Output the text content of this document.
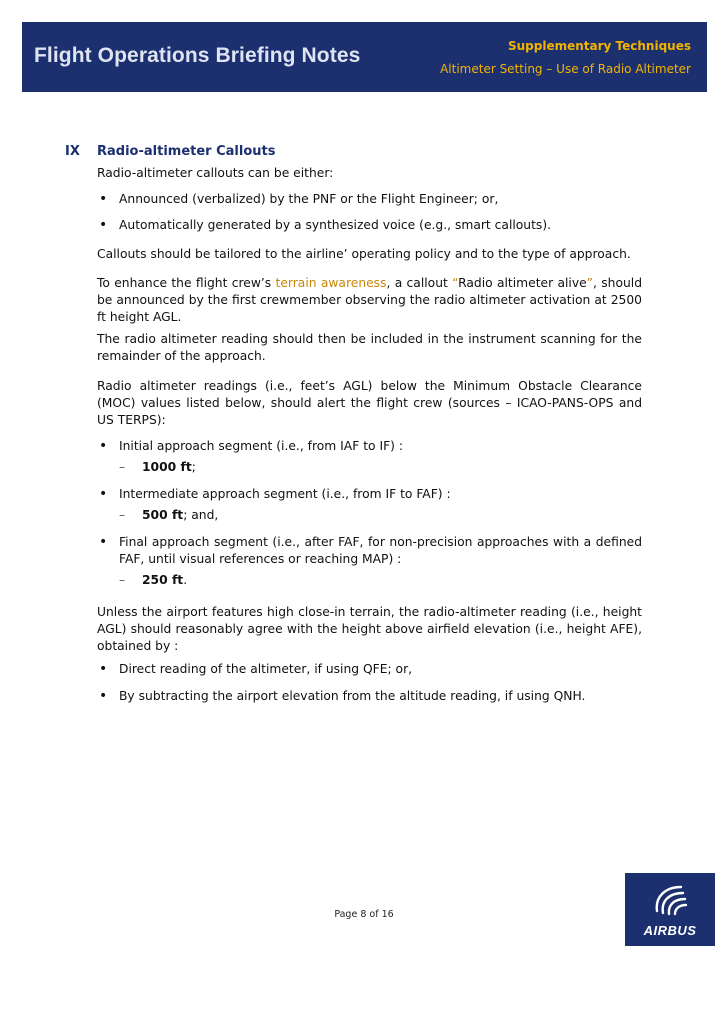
Flight Operations Briefing Notes	Supplementary Techniques
Altimeter Setting – Use of Radio Altimeter
IX Radio-altimeter Callouts

Radio-altimeter callouts can be either:

• Announced (verbalized) by the PNF or the Flight Engineer; or,
• Automatically generated by a synthesized voice (e.g., smart callouts).

Callouts should be tailored to the airline’ operating policy and to the type of approach.

To enhance the flight crew’s terrain awareness, a callout “Radio altimeter alive”, should be announced by the first crewmember observing the radio altimeter activation at 2500 ft height AGL.

The radio altimeter reading should then be included in the instrument scanning for the remainder of the approach.

Radio altimeter readings (i.e., feet’s AGL) below the Minimum Obstacle Clearance (MOC) values listed below, should alert the flight crew (sources – ICAO-PANS-OPS and US TERPS):

• Initial approach segment (i.e., from IAF to IF) :
– 1000 ft;
• Intermediate approach segment (i.e., from IF to FAF) :
– 500 ft; and,
• Final approach segment (i.e., after FAF, for non-precision approaches with a defined FAF, until visual references or reaching MAP) :
– 250 ft.

Unless the airport features high close-in terrain, the radio-altimeter reading (i.e., height AGL) should reasonably agree with the height above airfield elevation (i.e., height AFE), obtained by :

• Direct reading of the altimeter, if using QFE; or,
• By subtracting the airport elevation from the altitude reading, if using QNH.
Page 8 of 16
AIRBUS
